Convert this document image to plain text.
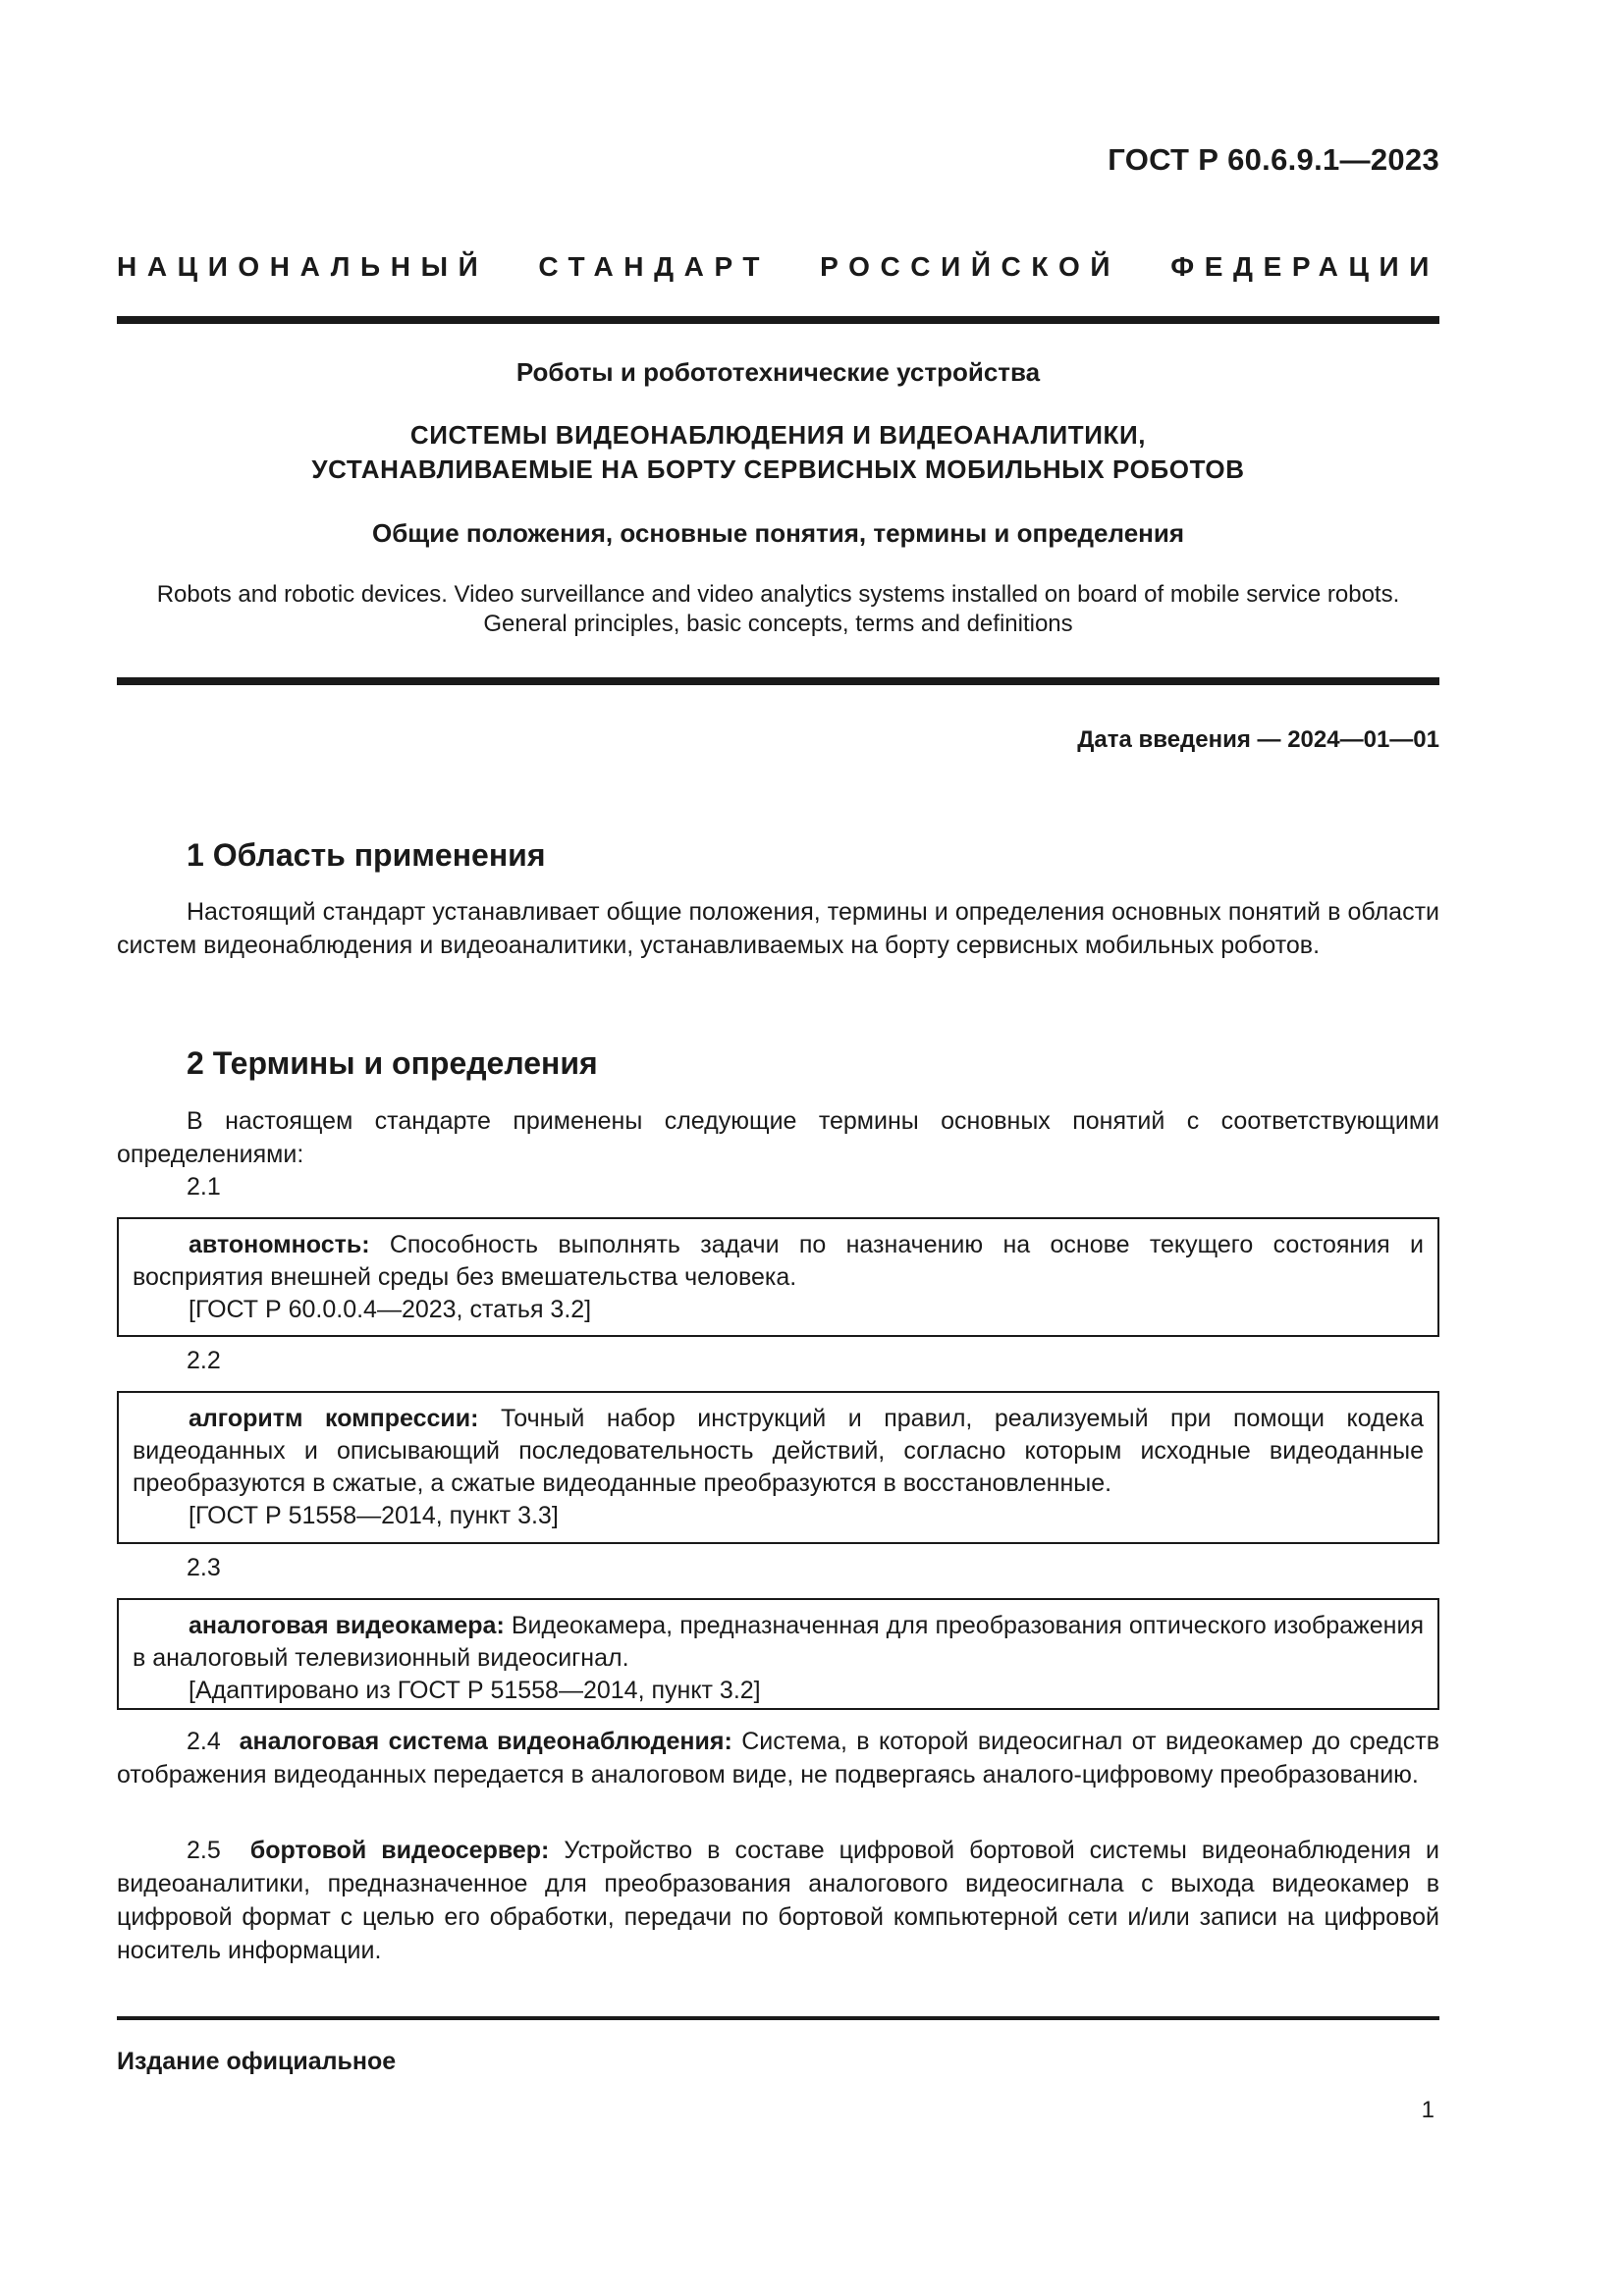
ГОСТ Р 60.6.9.1—2023
НАЦИОНАЛЬНЫЙ СТАНДАРТ РОССИЙСКОЙ ФЕДЕРАЦИИ
Роботы и робототехнические устройства
СИСТЕМЫ ВИДЕОНАБЛЮДЕНИЯ И ВИДЕОАНАЛИТИКИ,
УСТАНАВЛИВАЕМЫЕ НА БОРТУ СЕРВИСНЫХ МОБИЛЬНЫХ РОБОТОВ
Общие положения, основные понятия, термины и определения
Robots and robotic devices. Video surveillance and video analytics systems installed on board of mobile service robots.
General principles, basic concepts, terms and definitions
Дата введения — 2024—01—01
1 Область применения

Настоящий стандарт устанавливает общие положения, термины и определения основных понятий в области систем видеонаблюдения и видеоаналитики, устанавливаемых на борту сервисных мобильных роботов.

2 Термины и определения

В настоящем стандарте применены следующие термины основных понятий с соответствующими определениями:

2.1

автономность: Способность выполнять задачи по назначению на основе текущего состояния и восприятия внешней среды без вмешательства человека.

[ГОСТ Р 60.0.0.4—2023, статья 3.2]

2.2

алгоритм компрессии: Точный набор инструкций и правил, реализуемый при помощи кодека видеоданных и описывающий последовательность действий, согласно которым исходные видеоданные преобразуются в сжатые, а сжатые видеоданные преобразуются в восстановленные.

[ГОСТ Р 51558—2014, пункт 3.3]

2.3

аналоговая видеокамера: Видеокамера, предназначенная для преобразования оптического изображения в аналоговый телевизионный видеосигнал.

[Адаптировано из ГОСТ Р 51558—2014, пункт 3.2]

2.4 аналоговая система видеонаблюдения: Система, в которой видеосигнал от видеокамер до средств отображения видеоданных передается в аналоговом виде, не подвергаясь аналого-цифровому преобразованию.

2.5 бортовой видеосервер: Устройство в составе цифровой бортовой системы видеонаблюдения и видеоаналитики, предназначенное для преобразования аналогового видеосигнала с выхода видеокамер в цифровой формат с целью его обработки, передачи по бортовой компьютерной сети и/или записи на цифровой носитель информации.

Издание официальное
1
